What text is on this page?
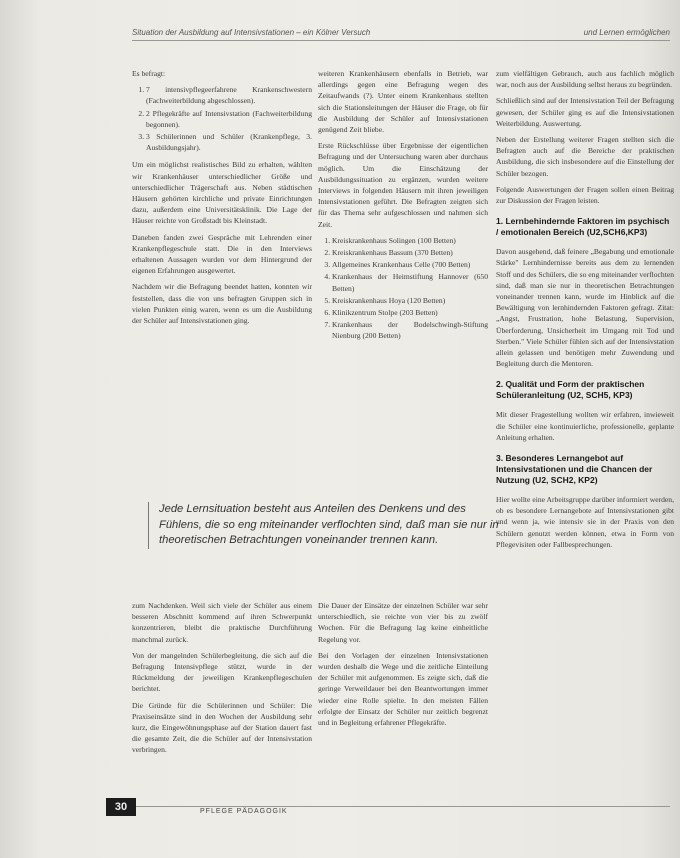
Situation der Ausbildung auf Intensivstationen – ein Kölner Versuch	und Lernen ermöglichen

Es befragt:

1. 7 intensivpflegeerfahrene Krankenschwestern (Fachweiterbildung abgeschlossen).
2. 2 Pflegekräfte auf Intensivstation (Fachweiterbildung begonnen).
3. 3 Schülerinnen und Schüler (Krankenpflege, 3. Ausbildungsjahr).

Um ein möglichst realistisches Bild zu erhalten, wählten wir Krankenhäuser unterschiedlicher Größe und unterschiedlicher Trägerschaft aus. Neben städtischen Häusern gehörten kirchliche und private Einrichtungen dazu, außerdem eine Universitätsklinik. Die Lage der Häuser reichte von Großstadt bis Kleinstadt.

Daneben fanden zwei Gespräche mit Lehrenden einer Krankenpflegeschule statt. Die in den Interviews erhaltenen Aussagen wurden vor dem Hintergrund der eigenen Erfahrungen ausgewertet.

Nachdem wir die Befragung beendet hatten, konnten wir feststellen, dass die von uns befragten Gruppen sich in vielen Punkten einig waren, wenn es um die Ausbildung der Schüler auf Intensivstationen ging.

weiteren Krankenhäusern ebenfalls in Betrieb, war allerdings gegen eine Befragung wegen des Zeitaufwands (?). Unter einem Krankenhaus stellten sich die Stationsleitungen der Häuser die Frage, ob für die Ausbildung der Schüler auf Intensivstationen genügend Zeit bliebe.

Erste Rückschlüsse über Ergebnisse der eigentlichen Befragung und der Untersuchung waren aber durchaus möglich. Um die Einschätzung der Ausbildungssituation zu ergänzen, wurden weitere Interviews in folgenden Häusern mit ihren jeweiligen Intensivstationen geführt. Die Befragten zeigten sich für das Thema sehr aufgeschlossen und nahmen sich Zeit.

1. Kreiskrankenhaus Solingen (100 Betten)
2. Kreiskrankenhaus Bassum (370 Betten)
3. Allgemeines Krankenhaus Celle (700 Betten)
4. Krankenhaus der Heimstiftung Hannover (650 Betten)
5. Kreiskrankenhaus Hoya (120 Betten)
6. Klinikzentrum Stolpe (203 Betten)
7. Krankenhaus der Bodelschwingh-Stiftung Nienburg (200 Betten)

zum vielfältigen Gebrauch, auch aus fachlich möglich war, noch aus der Ausbildung selbst heraus zu begründen.

Schließlich sind auf der Intensivstation Teil der Befragung gewesen, der Schüler ging es auf die Intensivstationen Weiterbildung. Auswertung.

Neben der Erstellung weiterer Fragen stellten sich die Befragten auch auf die Bereiche der praktischen Ausbildung, die sich insbesondere auf die Einstellung der Schüler bezogen.

Folgende Auswertungen der Fragen sollen einen Beitrag zur Diskussion der Fragen leisten.

1. Lernbehindernde Faktoren im psychisch / emotionalen Bereich (U2,SCH6,KP3)

Davon ausgehend, daß feinere „Begabung und emotionale Stärke" Lernhindernisse bereits aus dem zu lernenden Stoff und des Schülers, die so eng miteinander verflochten sind, daß man sie nur in theoretischen Betrachtungen voneinander trennen kann, wurde im Hinblick auf die Bewältigung von lernhindernden Faktoren gefragt. Zitat: „Angst, Frustration, hohe Belastung, Supervision, Überforderung, Unsicherheit im Umgang mit Tod und Sterben." Viele Schüler fühlen sich auf der Intensivstation allein gelassen und benötigen mehr Zuwendung und Begleitung durch die Mentoren.

2. Qualität und Form der praktischen Schüleranleitung (U2, SCH5, KP3)

Mit dieser Fragestellung wollten wir erfahren, inwieweit die Schüler eine kontinuierliche, professionelle, geplante Anleitung erhalten.

3. Besonderes Lernangebot auf Intensivstationen und die Chancen der Nutzung (U2, SCH2, KP2)

Hier wollte eine Arbeitsgruppe darüber informiert werden, ob es besondere Lernangebote auf Intensivstationen gibt und wenn ja, wie intensiv sie in der Praxis von den Schülern genutzt werden können, etwa in Form von Pflegevisiten oder Fallbesprechungen.

Jede Lernsituation besteht aus Anteilen des Denkens und des Fühlens, die so eng miteinander verflochten sind, daß man sie nur in theoretischen Betrachtungen voneinander trennen kann.

zum Nachdenken. Weil sich viele der Schüler aus einem besseren Abschnitt kommend auf ihren Schwerpunkt konzentrieren, bleibt die praktische Durchführung manchmal zurück.

Von der mangelnden Schülerbegleitung, die sich auf die Befragung Intensivpflege stützt, wurde in der Rückmeldung der jeweiligen Krankenpflegeschulen berichtet.

Die Gründe für die Schülerinnen und Schüler: Die Praxiseinsätze sind in den Wochen der Ausbildung sehr kurz, die Eingewöhnungsphase auf der Station dauert fast die gesamte Zeit, die die Schüler auf der Intensivstation verbringen.

Die Dauer der Einsätze der einzelnen Schüler war sehr unterschiedlich, sie reichte von vier bis zu zwölf Wochen. Für die Befragung lag keine einheitliche Regelung vor.

Bei den Vorlagen der einzelnen Intensivstationen wurden deshalb die Wege und die zeitliche Einteilung der Schüler mit aufgenommen. Es zeigte sich, daß die geringe Verweildauer bei den Beantwortungen immer wieder eine Rolle spielte. In den meisten Fällen erfolgte der Einsatz der Schüler nur zeitlich begrenzt und in Begleitung erfahrener Pflegekräfte.

30	PFLEGE PÄDAGOGIK
